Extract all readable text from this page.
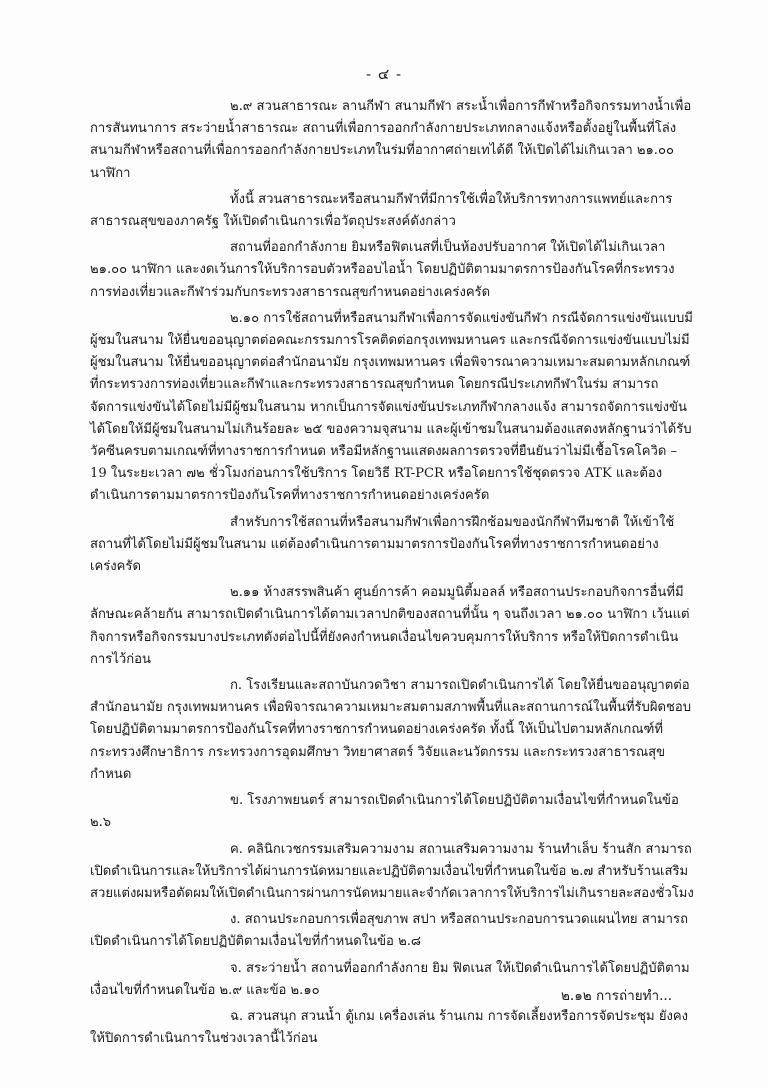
- ๔ -

๒.๙ สวนสาธารณะ ลานกีฬา สนามกีฬา สระน้ำเพื่อการกีฬาหรือกิจกรรมทางน้ำเพื่อการสันทนาการ สระว่ายน้ำสาธารณะ สถานที่เพื่อการออกกำลังกายประเภทกลางแจ้งหรือตั้งอยู่ในพื้นที่โล่ง สนามกีฬาหรือสถานที่เพื่อการออกกำลังกายประเภทในร่มที่อากาศถ่ายเทได้ดี ให้เปิดได้ไม่เกินเวลา ๒๑.๐๐ นาฬิกา

ทั้งนี้ สวนสาธารณะหรือสนามกีฬาที่มีการใช้เพื่อให้บริการทางการแพทย์และการสาธารณสุขของภาครัฐ ให้เปิดดำเนินการเพื่อวัตถุประสงค์ดังกล่าว

สถานที่ออกกำลังกาย ยิมหรือฟิตเนสที่เป็นห้องปรับอากาศ ให้เปิดได้ไม่เกินเวลา ๒๑.๐๐ นาฬิกา และงดเว้นการให้บริการอบตัวหรืออบไอน้ำ โดยปฏิบัติตามมาตรการป้องกันโรคที่กระทรวงการท่องเที่ยวและกีฬาร่วมกับกระทรวงสาธารณสุขกำหนดอย่างเคร่งครัด

๒.๑๐ การใช้สถานที่หรือสนามกีฬาเพื่อการจัดแข่งขันกีฬา กรณีจัดการแข่งขันแบบมีผู้ชมในสนาม ให้ยื่นขออนุญาตต่อคณะกรรมการโรคติดต่อกรุงเทพมหานคร และกรณีจัดการแข่งขันแบบไม่มีผู้ชมในสนาม ให้ยื่นขออนุญาตต่อสำนักอนามัย กรุงเทพมหานคร เพื่อพิจารณาความเหมาะสมตามหลักเกณฑ์ที่กระทรวงการท่องเที่ยวและกีฬาและกระทรวงสาธารณสุขกำหนด โดยกรณีประเภทกีฬาในร่ม สามารถจัดการแข่งขันได้โดยไม่มีผู้ชมในสนาม หากเป็นการจัดแข่งขันประเภทกีฬากลางแจ้ง สามารถจัดการแข่งขันได้โดยให้มีผู้ชมในสนามไม่เกินร้อยละ ๒๕ ของความจุสนาม และผู้เข้าชมในสนามต้องแสดงหลักฐานว่าได้รับวัคซีนครบตามเกณฑ์ที่ทางราชการกำหนด หรือมีหลักฐานแสดงผลการตรวจที่ยืนยันว่าไม่มีเชื้อโรคโควิด – 19 ในระยะเวลา ๗๒ ชั่วโมงก่อนการใช้บริการ โดยวิธี RT-PCR หรือโดยการใช้ชุดตรวจ ATK และต้องดำเนินการตามมาตรการป้องกันโรคที่ทางราชการกำหนดอย่างเคร่งครัด

สำหรับการใช้สถานที่หรือสนามกีฬาเพื่อการฝึกซ้อมของนักกีฬาทีมชาติ ให้เข้าใช้สถานที่ได้โดยไม่มีผู้ชมในสนาม แต่ต้องดำเนินการตามมาตรการป้องกันโรคที่ทางราชการกำหนดอย่างเคร่งครัด

๒.๑๑ ห้างสรรพสินค้า ศูนย์การค้า คอมมูนิตี้มอลล์ หรือสถานประกอบกิจการอื่นที่มีลักษณะคล้ายกัน สามารถเปิดดำเนินการได้ตามเวลาปกติของสถานที่นั้น ๆ จนถึงเวลา ๒๑.๐๐ นาฬิกา เว้นแต่กิจการหรือกิจกรรมบางประเภทดังต่อไปนี้ที่ยังคงกำหนดเงื่อนไขควบคุมการให้บริการ หรือให้ปิดการดำเนินการไว้ก่อน

ก. โรงเรียนและสถาบันกวดวิชา สามารถเปิดดำเนินการได้ โดยให้ยื่นขออนุญาตต่อสำนักอนามัย กรุงเทพมหานคร เพื่อพิจารณาความเหมาะสมตามสภาพพื้นที่และสถานการณ์ในพื้นที่รับผิดชอบ โดยปฏิบัติตามมาตรการป้องกันโรคที่ทางราชการกำหนดอย่างเคร่งครัด ทั้งนี้ ให้เป็นไปตามหลักเกณฑ์ที่กระทรวงศึกษาธิการ กระทรวงการอุดมศึกษา วิทยาศาสตร์ วิจัยและนวัตกรรม และกระทรวงสาธารณสุขกำหนด

ข. โรงภาพยนตร์ สามารถเปิดดำเนินการได้โดยปฏิบัติตามเงื่อนไขที่กำหนดในข้อ ๒.๖

ค. คลินิกเวชกรรมเสริมความงาม สถานเสริมความงาม ร้านทำเล็บ ร้านสัก สามารถเปิดดำเนินการและให้บริการได้ผ่านการนัดหมายและปฏิบัติตามเงื่อนไขที่กำหนดในข้อ ๒.๗ สำหรับร้านเสริมสวยแต่งผมหรือตัดผมให้เปิดดำเนินการผ่านการนัดหมายและจำกัดเวลาการให้บริการไม่เกินรายละสองชั่วโมง

ง. สถานประกอบการเพื่อสุขภาพ สปา หรือสถานประกอบการนวดแผนไทย สามารถเปิดดำเนินการได้โดยปฏิบัติตามเงื่อนไขที่กำหนดในข้อ ๒.๘

จ. สระว่ายน้ำ สถานที่ออกกำลังกาย ยิม ฟิตเนส ให้เปิดดำเนินการได้โดยปฏิบัติตามเงื่อนไขที่กำหนดในข้อ ๒.๙ และข้อ ๒.๑๐

ฉ. สวนสนุก สวนน้ำ ตู้เกม เครื่องเล่น ร้านเกม การจัดเลี้ยงหรือการจัดประชุม ยังคงให้ปิดการดำเนินการในช่วงเวลานี้ไว้ก่อน

๒.๑๒ การถ่ายทำ...
